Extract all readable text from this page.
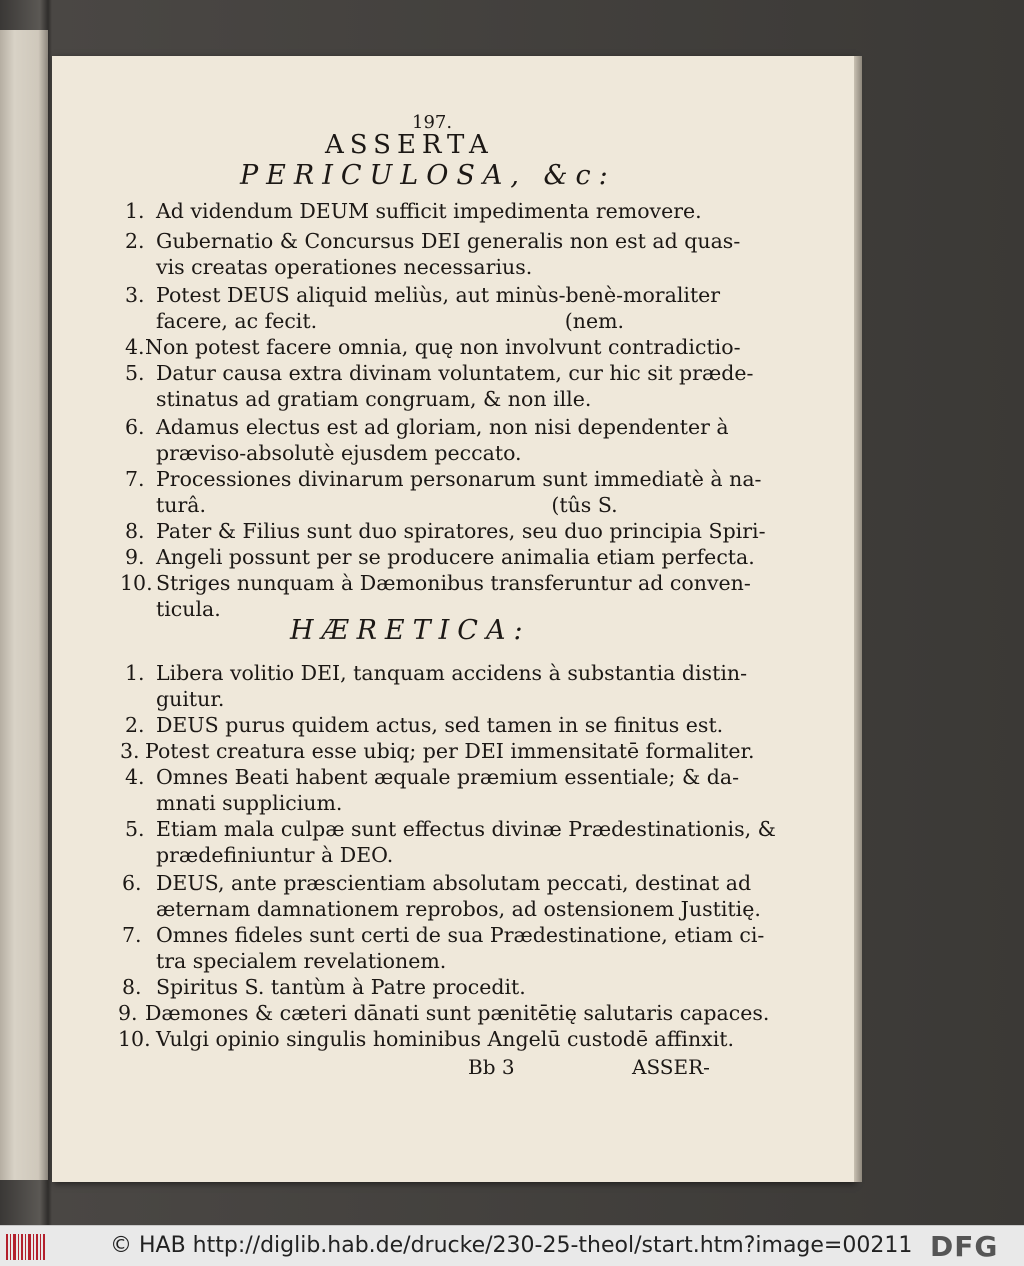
197.
ASSERTA
PERICULOSA, &c:
HÆRETICA:
1. Ad videndum DEUM sufficit impedimenta removere.
2. Gubernatio & Concursus DEI generalis non est ad quas-
vis creatas operationes necessarius.
3. Potest DEUS aliquid meliùs, aut minùs-benè-moraliter
facere, ac fecit.                                      (nem.
4. Non potest facere omnia, quę non involvunt contradictio-
5. Datur causa extra divinam voluntatem, cur hic sit prædе-
stinatus ad gratiam congruam, & non ille.
6. Adamus electus est ad gloriam, non nisi dependenter à
prævisо-absolutè ejusdem peccato.
7. Processiones divinarum personarum sunt immediatè à na-
turâ.                                                     (tûs S.
8. Pater & Filius sunt duo spiratores, seu duo principia Spiri-
9. Angeli possunt per se producere animalia etiam perfecta.
10. Striges nunquam à Dæmonibus transferuntur ad conven-
ticula.
1. Libera volitio DEI, tanquam accidens à substantia distin-
guitur.
2. DEUS purus quidem actus, sed tamen in se finitus est.
3. Potest creatura esse ubiq; per DEI immensitatē formaliter.
4. Omnes Beati habent æquale præmium essentiale; & da-
mnati supplicium.
5. Etiam mala culpæ sunt effectus divinæ Prædestinationis, &
prædefiniuntur à DEO.
6. DEUS, ante præscientiam absolutam peccati, destinat ad
æternam damnationem reprobos, ad ostensionem Justitię.
7. Omnes fideles sunt certi de sua Prædestinatione, etiam ci-
tra specialem revelationem.
8. Spiritus S. tantùm à Patre procedit.
9. Dæmones & cæteri dānati sunt pænitētię salutaris capaces.
10. Vulgi opinio singulis hominibus Angelū custodē affinxit.
Bb 3	ASSER-
© HAB http://diglib.hab.de/drucke/230-25-theol/start.htm?image=00211 DFG
